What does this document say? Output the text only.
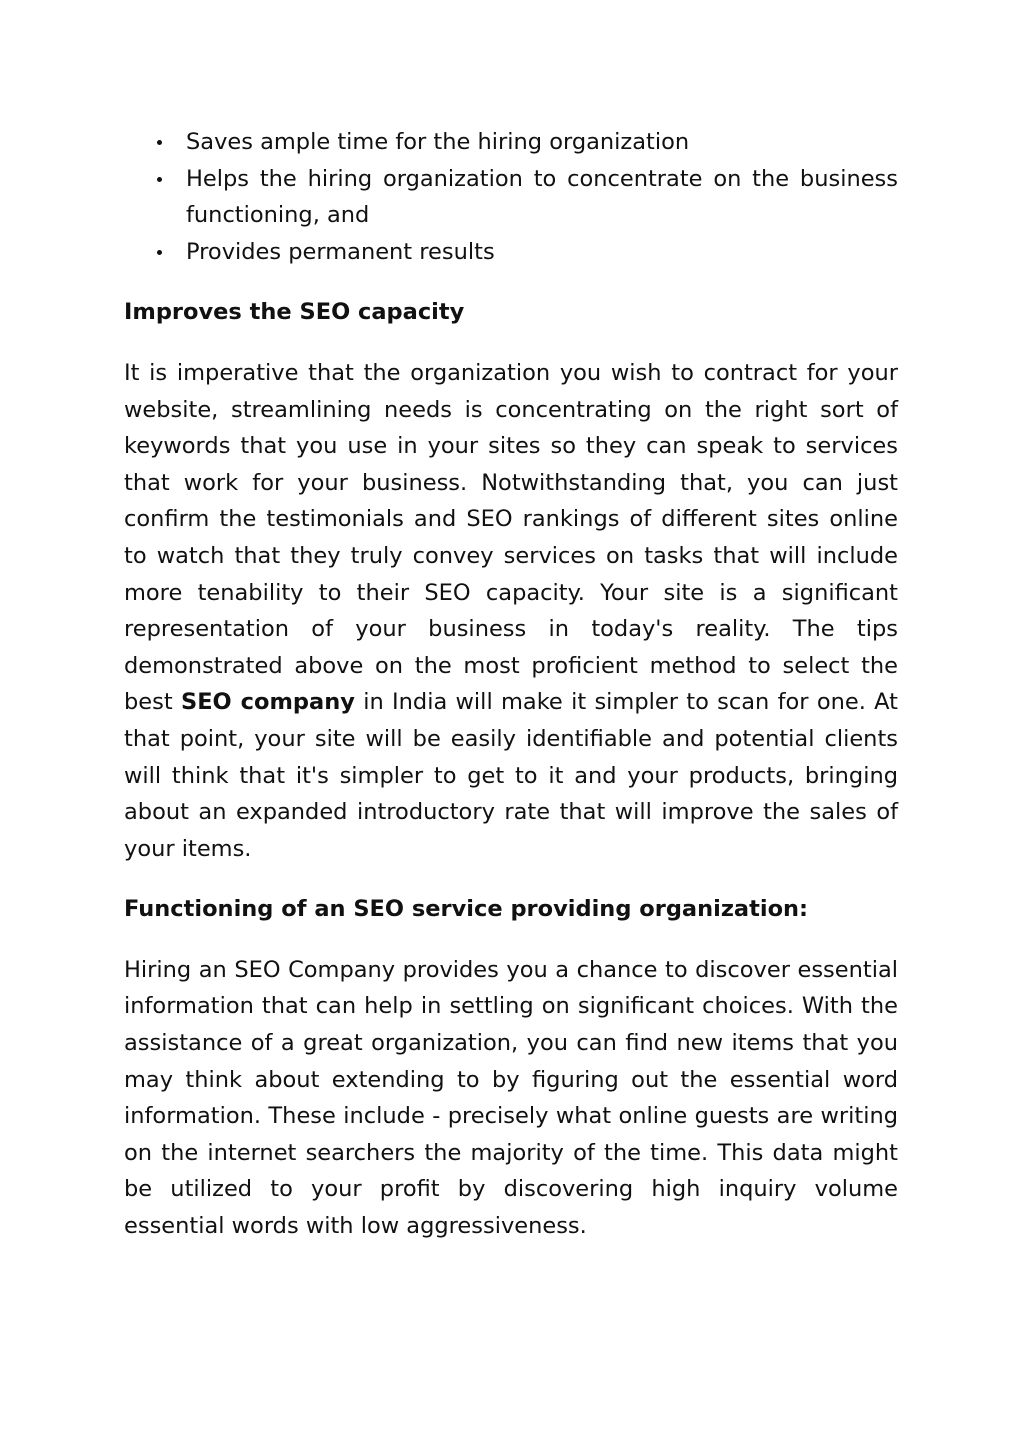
Saves ample time for the hiring organization
Helps the hiring organization to concentrate on the business functioning, and
Provides permanent results
Improves the SEO capacity

It is imperative that the organization you wish to contract for your website, streamlining needs is concentrating on the right sort of keywords that you use in your sites so they can speak to services that work for your business. Notwithstanding that, you can just confirm the testimonials and SEO rankings of different sites online to watch that they truly convey services on tasks that will include more tenability to their SEO capacity. Your site is a significant representation of your business in today's reality. The tips demonstrated above on the most proficient method to select the best SEO company in India will make it simpler to scan for one. At that point, your site will be easily identifiable and potential clients will think that it's simpler to get to it and your products, bringing about an expanded introductory rate that will improve the sales of your items.

Functioning of an SEO service providing organization:

Hiring an SEO Company provides you a chance to discover essential information that can help in settling on significant choices. With the assistance of a great organization, you can find new items that you may think about extending to by figuring out the essential word information. These include - precisely what online guests are writing on the internet searchers the majority of the time. This data might be utilized to your profit by discovering high inquiry volume essential words with low aggressiveness.
